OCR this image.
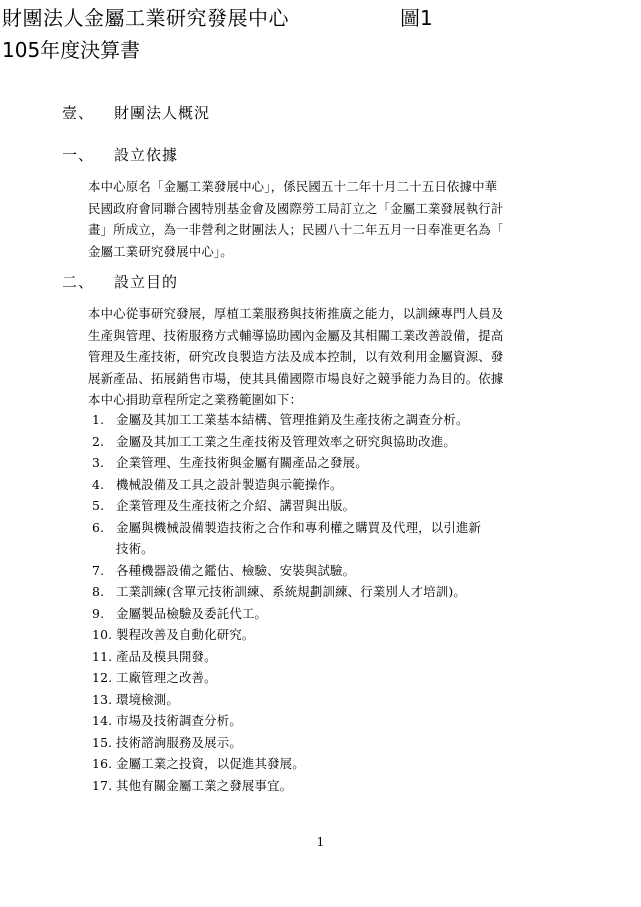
財團法人金屬工業研究發展中心	圖1
105年度決算書
壹、 財團法人概況
一、 設立依據
本中心原名「金屬工業發展中心」，係民國五十二年十月二十五日依據中華
民國政府會同聯合國特別基金會及國際勞工局訂立之「金屬工業發展執行計
畫」所成立，為一非營利之財團法人；民國八十二年五月一日奉准更名為「
金屬工業研究發展中心」。
二、 設立目的
本中心從事研究發展，厚植工業服務與技術推廣之能力，以訓練專門人員及
生產與管理、技術服務方式輔導協助國內金屬及其相關工業改善設備，提高
管理及生產技術，研究改良製造方法及成本控制，以有效利用金屬資源、發
展新產品、拓展銷售市場，使其具備國際市場良好之競爭能力為目的。依據
本中心捐助章程所定之業務範圍如下：
1. 金屬及其加工工業基本結構、管理推銷及生產技術之調查分析。
2. 金屬及其加工工業之生產技術及管理效率之研究與協助改進。
3. 企業管理、生產技術與金屬有關產品之發展。
4. 機械設備及工具之設計製造與示範操作。
5. 企業管理及生產技術之介紹、講習與出版。
6. 金屬與機械設備製造技術之合作和專利權之購買及代理，以引進新
技術。
7. 各種機器設備之鑑估、檢驗、安裝與試驗。
8. 工業訓練(含單元技術訓練、系統規劃訓練、行業別人才培訓)。
9. 金屬製品檢驗及委託代工。
10. 製程改善及自動化研究。
11. 產品及模具開發。
12. 工廠管理之改善。
13. 環境檢測。
14. 市場及技術調查分析。
15. 技術諮詢服務及展示。
16. 金屬工業之投資，以促進其發展。
17. 其他有關金屬工業之發展事宜。
1
